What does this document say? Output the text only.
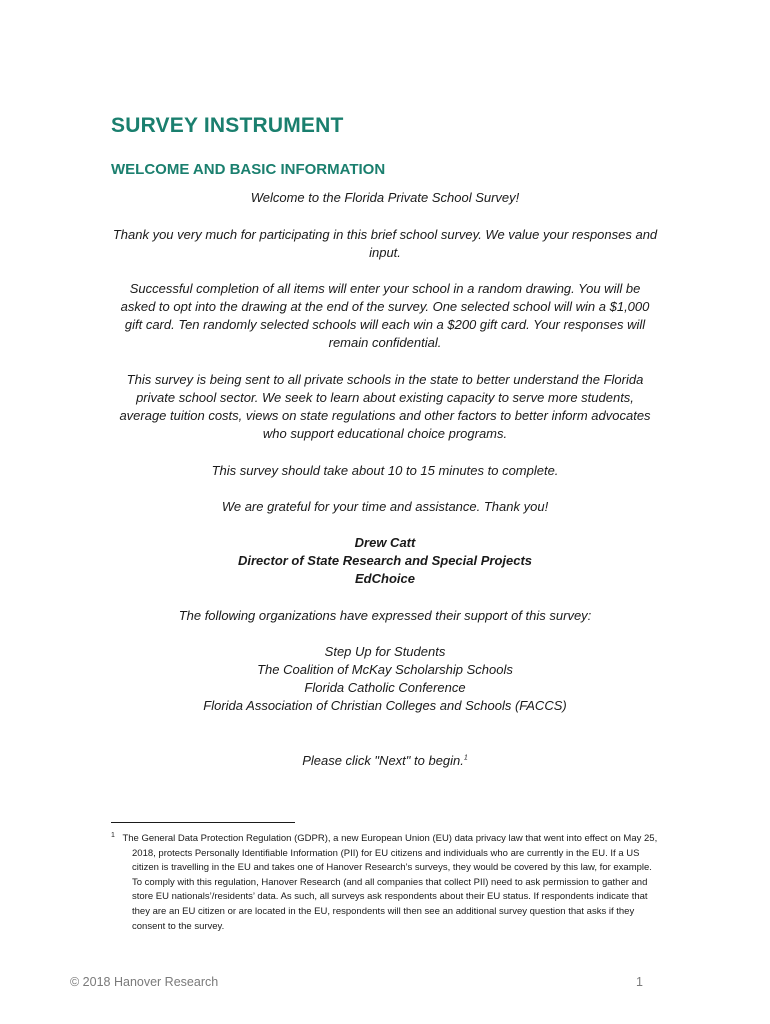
SURVEY INSTRUMENT
WELCOME AND BASIC INFORMATION

Welcome to the Florida Private School Survey!

Thank you very much for participating in this brief school survey. We value your responses and input.

Successful completion of all items will enter your school in a random drawing. You will be asked to opt into the drawing at the end of the survey. One selected school will win a $1,000 gift card. Ten randomly selected schools will each win a $200 gift card. Your responses will remain confidential.

This survey is being sent to all private schools in the state to better understand the Florida private school sector. We seek to learn about existing capacity to serve more students, average tuition costs, views on state regulations and other factors to better inform advocates who support educational choice programs.

This survey should take about 10 to 15 minutes to complete.

We are grateful for your time and assistance. Thank you!

Drew Catt
Director of State Research and Special Projects
EdChoice

The following organizations have expressed their support of this survey:

Step Up for Students
The Coalition of McKay Scholarship Schools
Florida Catholic Conference
Florida Association of Christian Colleges and Schools (FACCS)

Please click "Next" to begin.$^1$

$^1$ The General Data Protection Regulation (GDPR), a new European Union (EU) data privacy law that went into effect on May 25, 2018, protects Personally Identifiable Information (PII) for EU citizens and individuals who are currently in the EU. If a US citizen is travelling in the EU and takes one of Hanover Research’s surveys, they would be covered by this law, for example. To comply with this regulation, Hanover Research (and all companies that collect PII) need to ask permission to gather and store EU nationals’/residents’ data. As such, all surveys ask respondents about their EU status. If respondents indicate that they are an EU citizen or are located in the EU, respondents will then see an additional survey question that asks if they consent to the survey.

© 2018 Hanover Research	1
